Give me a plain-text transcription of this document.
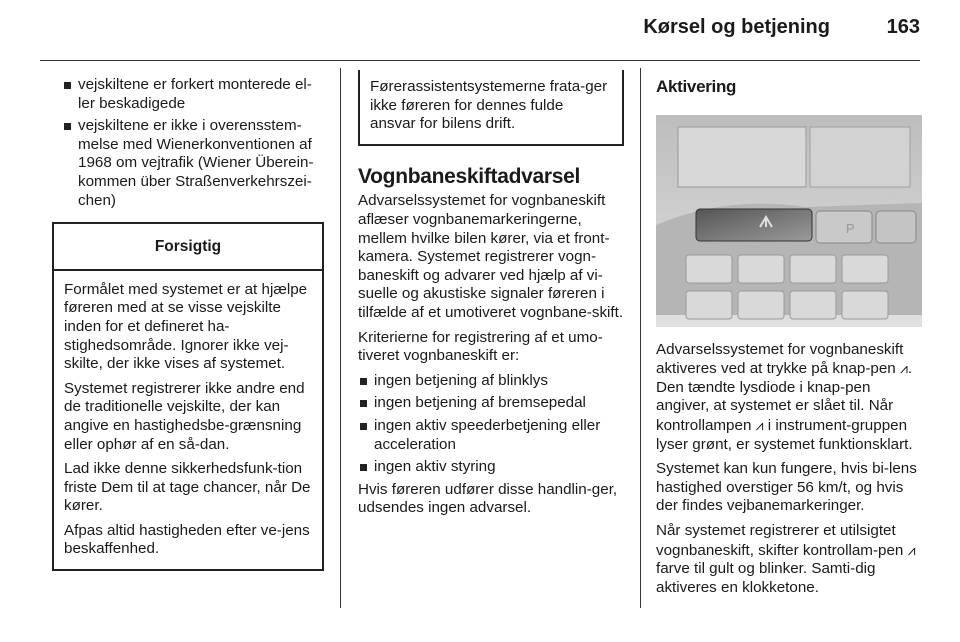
Kørsel og betjening	163
vejskiltene er forkert monterede el-ler beskadigede
vejskiltene er ikke i overensstem-melse med Wienerkonventionen af 1968 om vejtrafik (Wiener Überein-kommen über Straßenverkehrszei-chen)
Forsigtig

Formålet med systemet er at hjælpe føreren med at se visse vejskilte inden for et defineret ha-stighedsområde. Ignorer ikke vej-skilte, der ikke vises af systemet.

Systemet registrerer ikke andre end de traditionelle vejskilte, der kan angive en hastighedsbe-grænsning eller ophør af en så-dan.

Lad ikke denne sikkerhedsfunk-tion friste Dem til at tage chancer, når De kører.

Afpas altid hastigheden efter ve-jens beskaffenhed.

Førerassistentsystemerne frata-ger ikke føreren for dennes fulde ansvar for bilens drift.
Vognbaneskiftadvarsel

Advarselssystemet for vognbaneskift aflæser vognbanemarkeringerne, mellem hvilke bilen kører, via et front-kamera. Systemet registrerer vogn-baneskift og advarer ved hjælp af vi-suelle og akustiske signaler føreren i tilfælde af et umotiveret vognbane-skift.

Kriterierne for registrering af et umo-tiveret vognbaneskift er:

ingen betjening af blinklys
ingen betjening af bremsepedal
ingen aktiv speederbetjening eller acceleration
ingen aktiv styring

Hvis føreren udfører disse handlin-ger, udsendes ingen advarsel.

Aktivering
P

Advarselssystemet for vognbaneskift aktiveres ved at trykke på knap-pen ⩘. Den tændte lysdiode i knap-pen angiver, at systemet er slået til. Når kontrollampen ⩘ i instrument-gruppen lyser grønt, er systemet funktionsklart.

Systemet kan kun fungere, hvis bi-lens hastighed overstiger 56 km/t, og hvis der findes vejbanemarkeringer.

Når systemet registrerer et utilsigtet vognbaneskift, skifter kontrollam-pen ⩘ farve til gult og blinker. Samti-dig aktiveres en klokketone.
